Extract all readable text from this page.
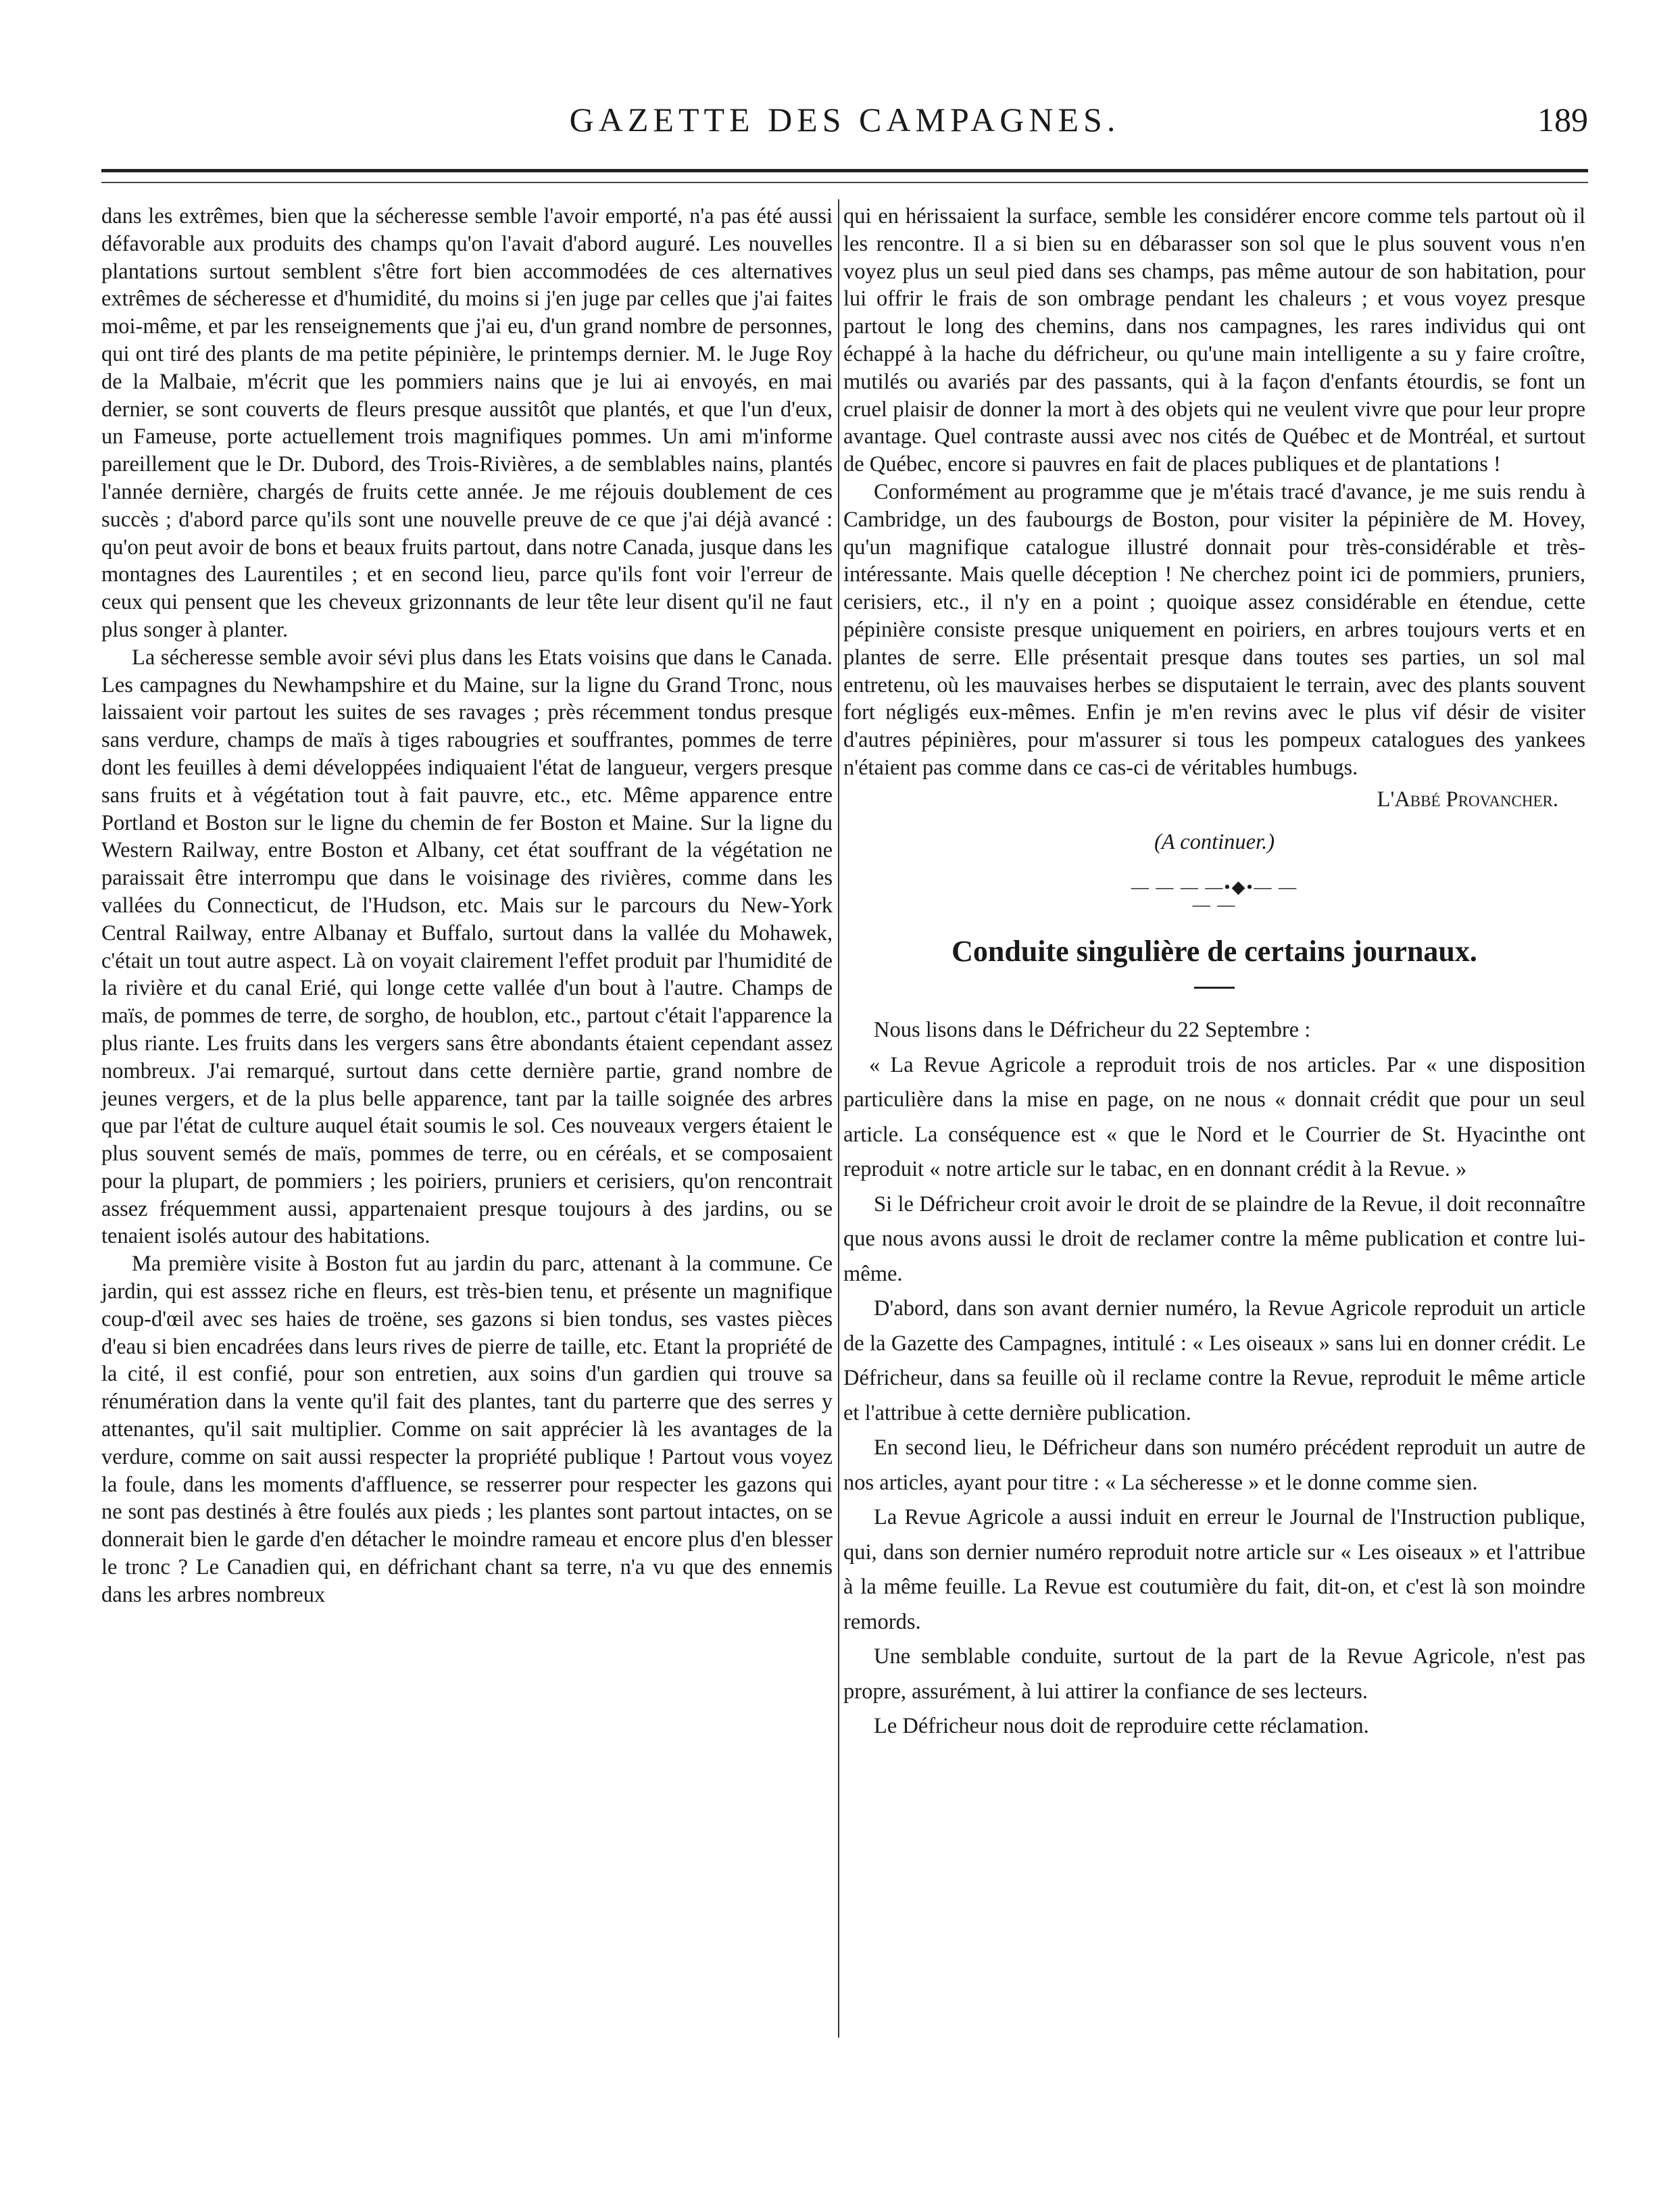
GAZETTE DES CAMPAGNES.	189

dans les extrêmes, bien que la sécheresse semble l'avoir emporté, n'a pas été aussi défavorable aux produits des champs qu'on l'avait d'abord auguré. Les nouvelles plantations surtout semblent s'être fort bien accommodées de ces alternatives extrêmes de sécheresse et d'humidité, du moins si j'en juge par celles que j'ai faites moi-même, et par les renseignements que j'ai eu, d'un grand nombre de personnes, qui ont tiré des plants de ma petite pépinière, le printemps dernier. M. le Juge Roy de la Malbaie, m'écrit que les pommiers nains que je lui ai envoyés, en mai dernier, se sont couverts de fleurs presque aussitôt que plantés, et que l'un d'eux, un Fameuse, porte actuellement trois magnifiques pommes. Un ami m'informe pareillement que le Dr. Dubord, des Trois-Rivières, a de semblables nains, plantés l'année dernière, chargés de fruits cette année. Je me réjouis doublement de ces succès ; d'abord parce qu'ils sont une nouvelle preuve de ce que j'ai déjà avancé : qu'on peut avoir de bons et beaux fruits partout, dans notre Canada, jusque dans les montagnes des Laurentiles ; et en second lieu, parce qu'ils font voir l'erreur de ceux qui pensent que les cheveux grizonnants de leur tête leur disent qu'il ne faut plus songer à planter.

La sécheresse semble avoir sévi plus dans les Etats voisins que dans le Canada. Les campagnes du Newhampshire et du Maine, sur la ligne du Grand Tronc, nous laissaient voir partout les suites de ses ravages ; près récemment tondus presque sans verdure, champs de maïs à tiges rabougries et souffrantes, pommes de terre dont les feuilles à demi développées indiquaient l'état de langueur, vergers presque sans fruits et à végétation tout à fait pauvre, etc., etc. Même apparence entre Portland et Boston sur le ligne du chemin de fer Boston et Maine. Sur la ligne du Western Railway, entre Boston et Albany, cet état souffrant de la végétation ne paraissait être interrompu que dans le voisinage des rivières, comme dans les vallées du Connecticut, de l'Hudson, etc. Mais sur le parcours du New-York Central Railway, entre Albanay et Buffalo, surtout dans la vallée du Mohawek, c'était un tout autre aspect. Là on voyait clairement l'effet produit par l'humidité de la rivière et du canal Erié, qui longe cette vallée d'un bout à l'autre. Champs de maïs, de pommes de terre, de sorgho, de houblon, etc., partout c'était l'apparence la plus riante. Les fruits dans les vergers sans être abondants étaient cependant assez nombreux. J'ai remarqué, surtout dans cette dernière partie, grand nombre de jeunes vergers, et de la plus belle apparence, tant par la taille soignée des arbres que par l'état de culture auquel était soumis le sol. Ces nouveaux vergers étaient le plus souvent semés de maïs, pommes de terre, ou en céréals, et se composaient pour la plupart, de pommiers ; les poiriers, pruniers et cerisiers, qu'on rencontrait assez fréquemment aussi, appartenaient presque toujours à des jardins, ou se tenaient isolés autour des habitations.

Ma première visite à Boston fut au jardin du parc, attenant à la commune. Ce jardin, qui est asssez riche en fleurs, est très-bien tenu, et présente un magnifique coup-d'œil avec ses haies de troëne, ses gazons si bien tondus, ses vastes pièces d'eau si bien encadrées dans leurs rives de pierre de taille, etc. Etant la propriété de la cité, il est confié, pour son entretien, aux soins d'un gardien qui trouve sa rénumération dans la vente qu'il fait des plantes, tant du parterre que des serres y attenantes, qu'il sait multiplier. Comme on sait apprécier là les avantages de la verdure, comme on sait aussi respecter la propriété publique ! Partout vous voyez la foule, dans les moments d'affluence, se resserrer pour respecter les gazons qui ne sont pas destinés à être foulés aux pieds ; les plantes sont partout intactes, on se donnerait bien le garde d'en détacher le moindre rameau et encore plus d'en blesser le tronc ? Le Canadien qui, en défrichant chant sa terre, n'a vu que des ennemis dans les arbres nombreux

qui en hérissaient la surface, semble les considérer encore comme tels partout où il les rencontre. Il a si bien su en débarasser son sol que le plus souvent vous n'en voyez plus un seul pied dans ses champs, pas même autour de son habitation, pour lui offrir le frais de son ombrage pendant les chaleurs ; et vous voyez presque partout le long des chemins, dans nos campagnes, les rares individus qui ont échappé à la hache du défricheur, ou qu'une main intelligente a su y faire croître, mutilés ou avariés par des passants, qui à la façon d'enfants étourdis, se font un cruel plaisir de donner la mort à des objets qui ne veulent vivre que pour leur propre avantage. Quel contraste aussi avec nos cités de Québec et de Montréal, et surtout de Québec, encore si pauvres en fait de places publiques et de plantations !

Conformément au programme que je m'étais tracé d'avance, je me suis rendu à Cambridge, un des faubourgs de Boston, pour visiter la pépinière de M. Hovey, qu'un magnifique catalogue illustré donnait pour très-considérable et très-intéressante. Mais quelle déception ! Ne cherchez point ici de pommiers, pruniers, cerisiers, etc., il n'y en a point ; quoique assez considérable en étendue, cette pépinière consiste presque uniquement en poiriers, en arbres toujours verts et en plantes de serre. Elle présentait presque dans toutes ses parties, un sol mal entretenu, où les mauvaises herbes se disputaient le terrain, avec des plants souvent fort négligés eux-mêmes. Enfin je m'en revins avec le plus vif désir de visiter d'autres pépinières, pour m'assurer si tous les pompeux catalogues des yankees n'étaient pas comme dans ce cas-ci de véritables humbugs.

L'Abbé Provancher.
(A continuer.)
— — — —•◆•— — — —
Conduite singulière de certains journaux.

Nous lisons dans le Défricheur du 22 Septembre :

« La Revue Agricole a reproduit trois de nos articles. Par « une disposition particulière dans la mise en page, on ne nous « donnait crédit que pour un seul article. La conséquence est « que le Nord et le Courrier de St. Hyacinthe ont reproduit « notre article sur le tabac, en en donnant crédit à la Revue. »

Si le Défricheur croit avoir le droit de se plaindre de la Revue, il doit reconnaître que nous avons aussi le droit de reclamer contre la même publication et contre lui-même.

D'abord, dans son avant dernier numéro, la Revue Agricole reproduit un article de la Gazette des Campagnes, intitulé : « Les oiseaux » sans lui en donner crédit. Le Défricheur, dans sa feuille où il reclame contre la Revue, reproduit le même article et l'attribue à cette dernière publication.

En second lieu, le Défricheur dans son numéro précédent reproduit un autre de nos articles, ayant pour titre : « La sécheresse » et le donne comme sien.

La Revue Agricole a aussi induit en erreur le Journal de l'Instruction publique, qui, dans son dernier numéro reproduit notre article sur « Les oiseaux » et l'attribue à la même feuille. La Revue est coutumière du fait, dit-on, et c'est là son moindre remords.

Une semblable conduite, surtout de la part de la Revue Agricole, n'est pas propre, assurément, à lui attirer la confiance de ses lecteurs.

Le Défricheur nous doit de reproduire cette réclamation.
